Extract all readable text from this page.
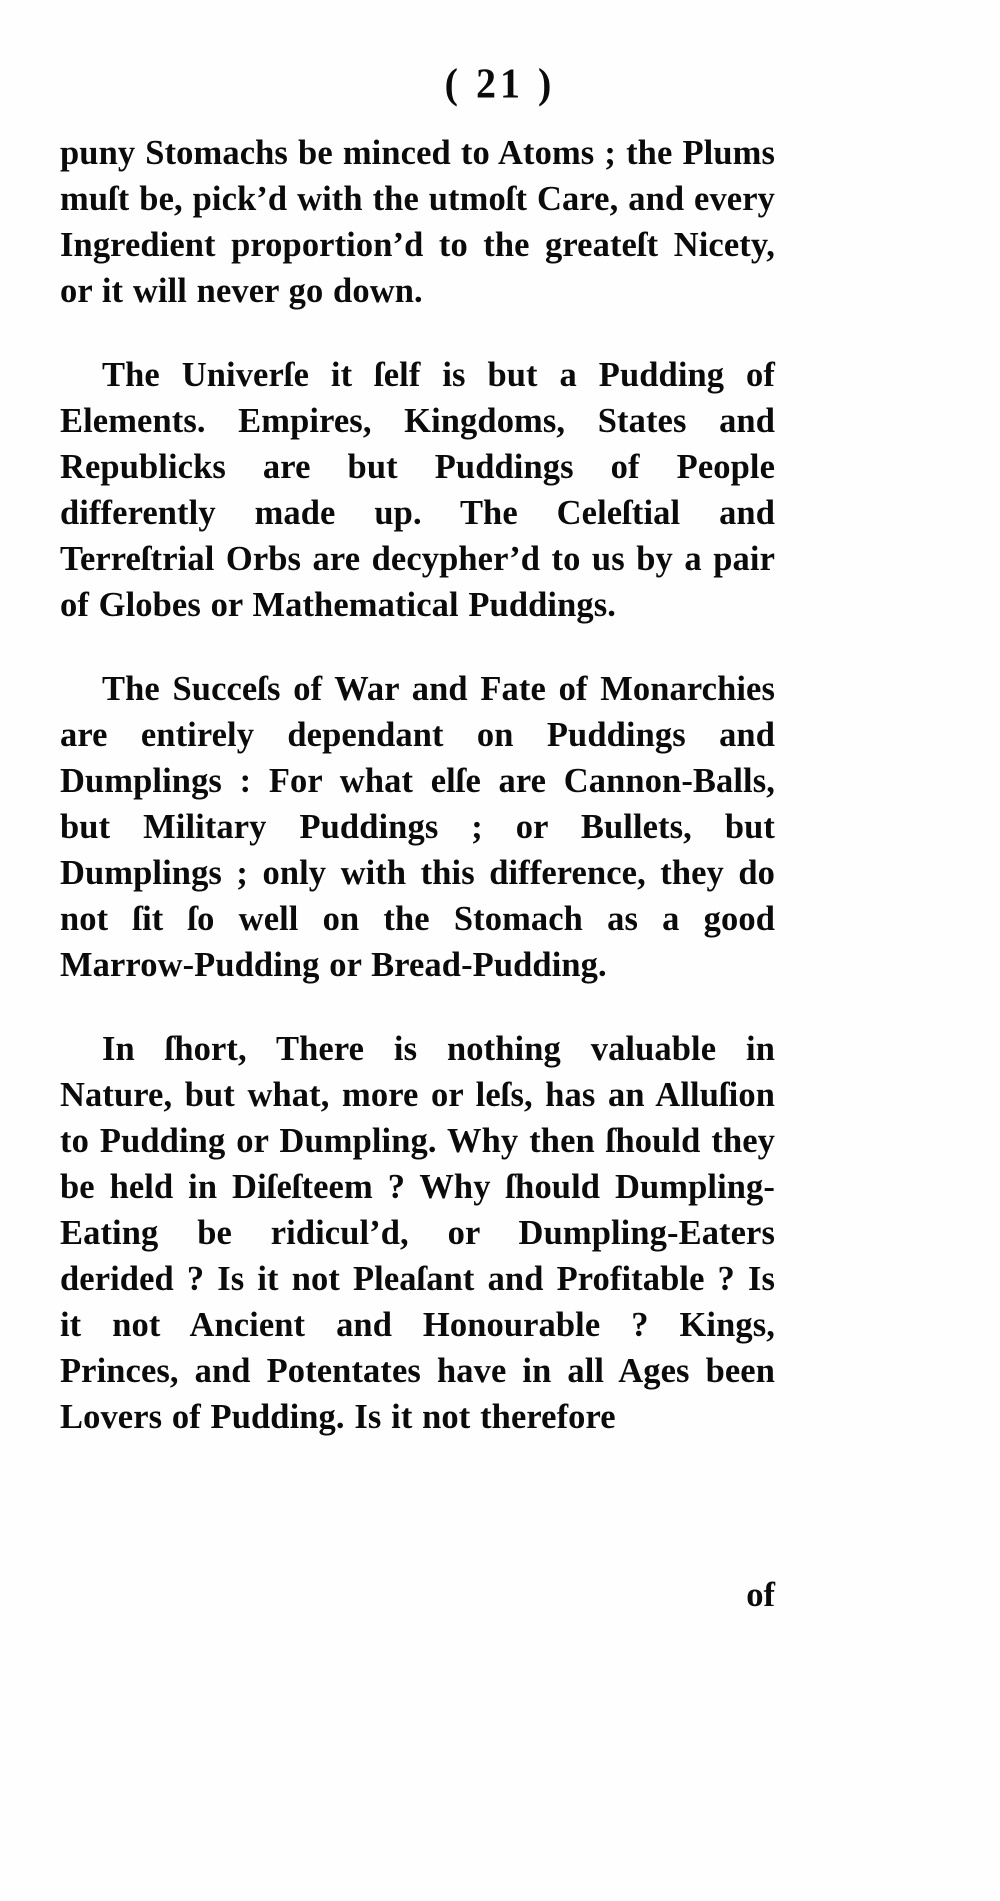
( 21 )

puny Stomachs be minced to Atoms ; the Plums muſt be, pick’d with the utmoſt Care, and every Ingredient proportion’d to the greateſt Nicety, or it will never go down.

The Univerſe it ſelf is but a Pudding of Elements. Empires, Kingdoms, States and Republicks are but Puddings of People differently made up. The Celeſtial and Terreſtrial Orbs are decypher’d to us by a pair of Globes or Mathematical Puddings.

The Succeſs of War and Fate of Monarchies are entirely dependant on Puddings and Dumplings : For what elſe are Cannon-Balls, but Military Puddings ; or Bullets, but Dumplings ; only with this difference, they do not ſit ſo well on the Stomach as a good Marrow-Pudding or Bread-Pudding.

In ſhort, There is nothing valuable in Nature, but what, more or leſs, has an Alluſion to Pudding or Dumpling. Why then ſhould they be held in Diſeſteem ? Why ſhould Dumpling-Eating be ridicul’d, or Dumpling-Eaters derided ? Is it not Pleaſant and Profitable ? Is it not Ancient and Honourable ? Kings, Princes, and Potentates have in all Ages been Lovers of Pudding. Is it not therefore

of
